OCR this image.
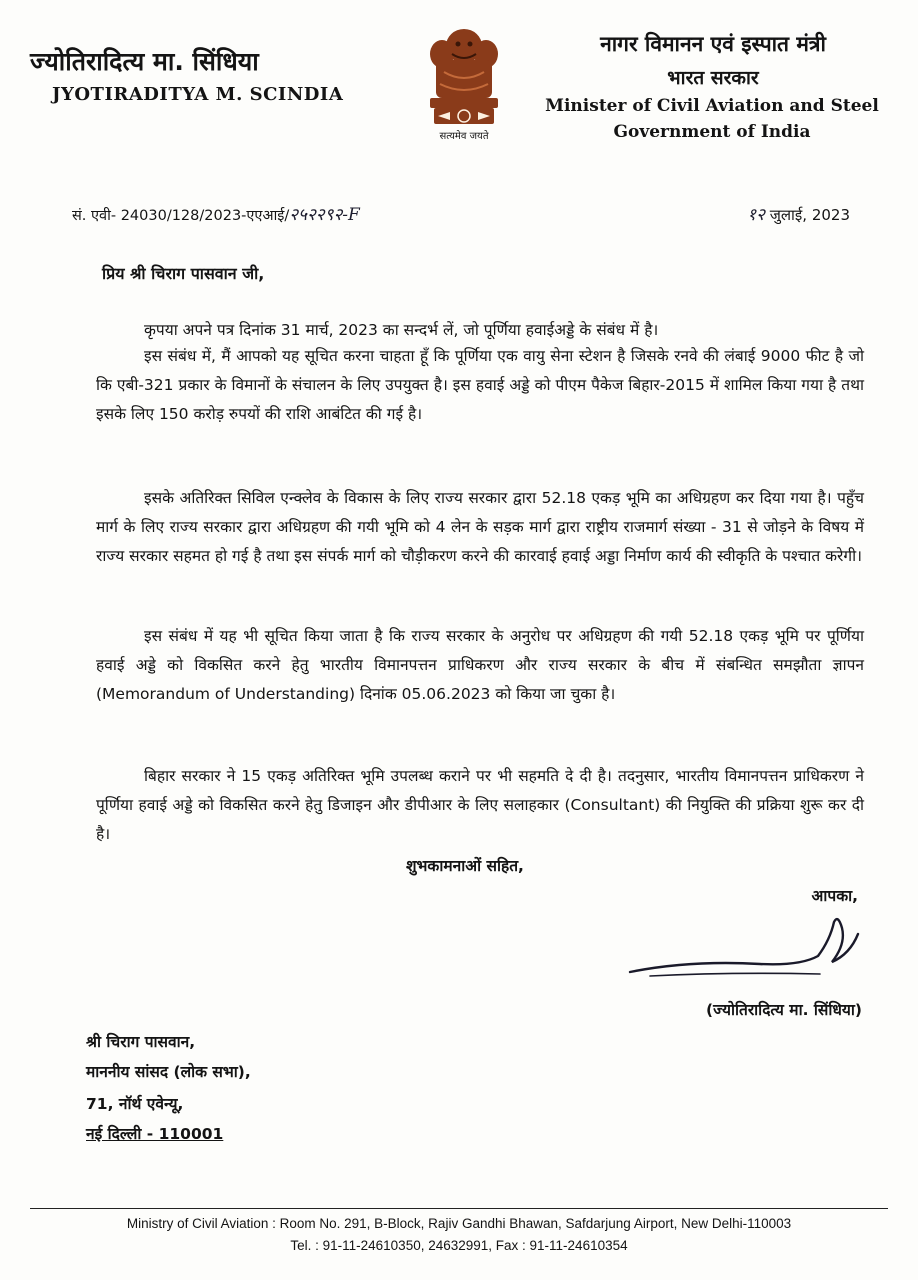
ज्योतिरादित्य मा. सिंधिया
JYOTIRADITYA M. SCINDIA
सत्यमेव जयते
नागर विमानन एवं इस्पात मंत्री
भारत सरकार
Minister of Civil Aviation and Steel
Government of India
सं. एवी- 24030/128/2023-एएआई/२५२२९२-F	१२ जुलाई, 2023
प्रिय श्री चिराग पासवान जी,
कृपया अपने पत्र दिनांक 31 मार्च, 2023 का सन्दर्भ लें, जो पूर्णिया हवाईअड्डे के संबंध में है।
इस संबंध में, मैं आपको यह सूचित करना चाहता हूँ कि पूर्णिया एक वायु सेना स्टेशन है जिसके रनवे की लंबाई 9000 फीट है जो कि एबी-321 प्रकार के विमानों के संचालन के लिए उपयुक्त है। इस हवाई अड्डे को पीएम पैकेज बिहार-2015 में शामिल किया गया है तथा इसके लिए 150 करोड़ रुपयों की राशि आबंटित की गई है।
इसके अतिरिक्त सिविल एन्क्लेव के विकास के लिए राज्य सरकार द्वारा 52.18 एकड़ भूमि का अधिग्रहण कर दिया गया है। पहुँच मार्ग के लिए राज्य सरकार द्वारा अधिग्रहण की गयी भूमि को 4 लेन के सड़क मार्ग द्वारा राष्ट्रीय राजमार्ग संख्या - 31 से जोड़ने के विषय में राज्य सरकार सहमत हो गई है तथा इस संपर्क मार्ग को चौड़ीकरण करने की कारवाई हवाई अड्डा निर्माण कार्य की स्वीकृति के पश्चात करेगी।
इस संबंध में यह भी सूचित किया जाता है कि राज्य सरकार के अनुरोध पर अधिग्रहण की गयी 52.18 एकड़ भूमि पर पूर्णिया हवाई अड्डे को विकसित करने हेतु भारतीय विमानपत्तन प्राधिकरण और राज्य सरकार के बीच में संबन्धित समझौता ज्ञापन (Memorandum of Understanding) दिनांक 05.06.2023 को किया जा चुका है।
बिहार सरकार ने 15 एकड़ अतिरिक्त भूमि उपलब्ध कराने पर भी सहमति दे दी है। तदनुसार, भारतीय विमानपत्तन प्राधिकरण ने पूर्णिया हवाई अड्डे को विकसित करने हेतु डिजाइन और डीपीआर के लिए सलाहकार (Consultant) की नियुक्ति की प्रक्रिया शुरू कर दी है।
शुभकामनाओं सहित,
आपका,
(ज्योतिरादित्य मा. सिंधिया)
श्री चिराग पासवान,
माननीय सांसद (लोक सभा),
71, नॉर्थ एवेन्यू,
नई दिल्ली - 110001
Ministry of Civil Aviation : Room No. 291, B-Block, Rajiv Gandhi Bhawan, Safdarjung Airport, New Delhi-110003
Tel. : 91-11-24610350, 24632991, Fax : 91-11-24610354
